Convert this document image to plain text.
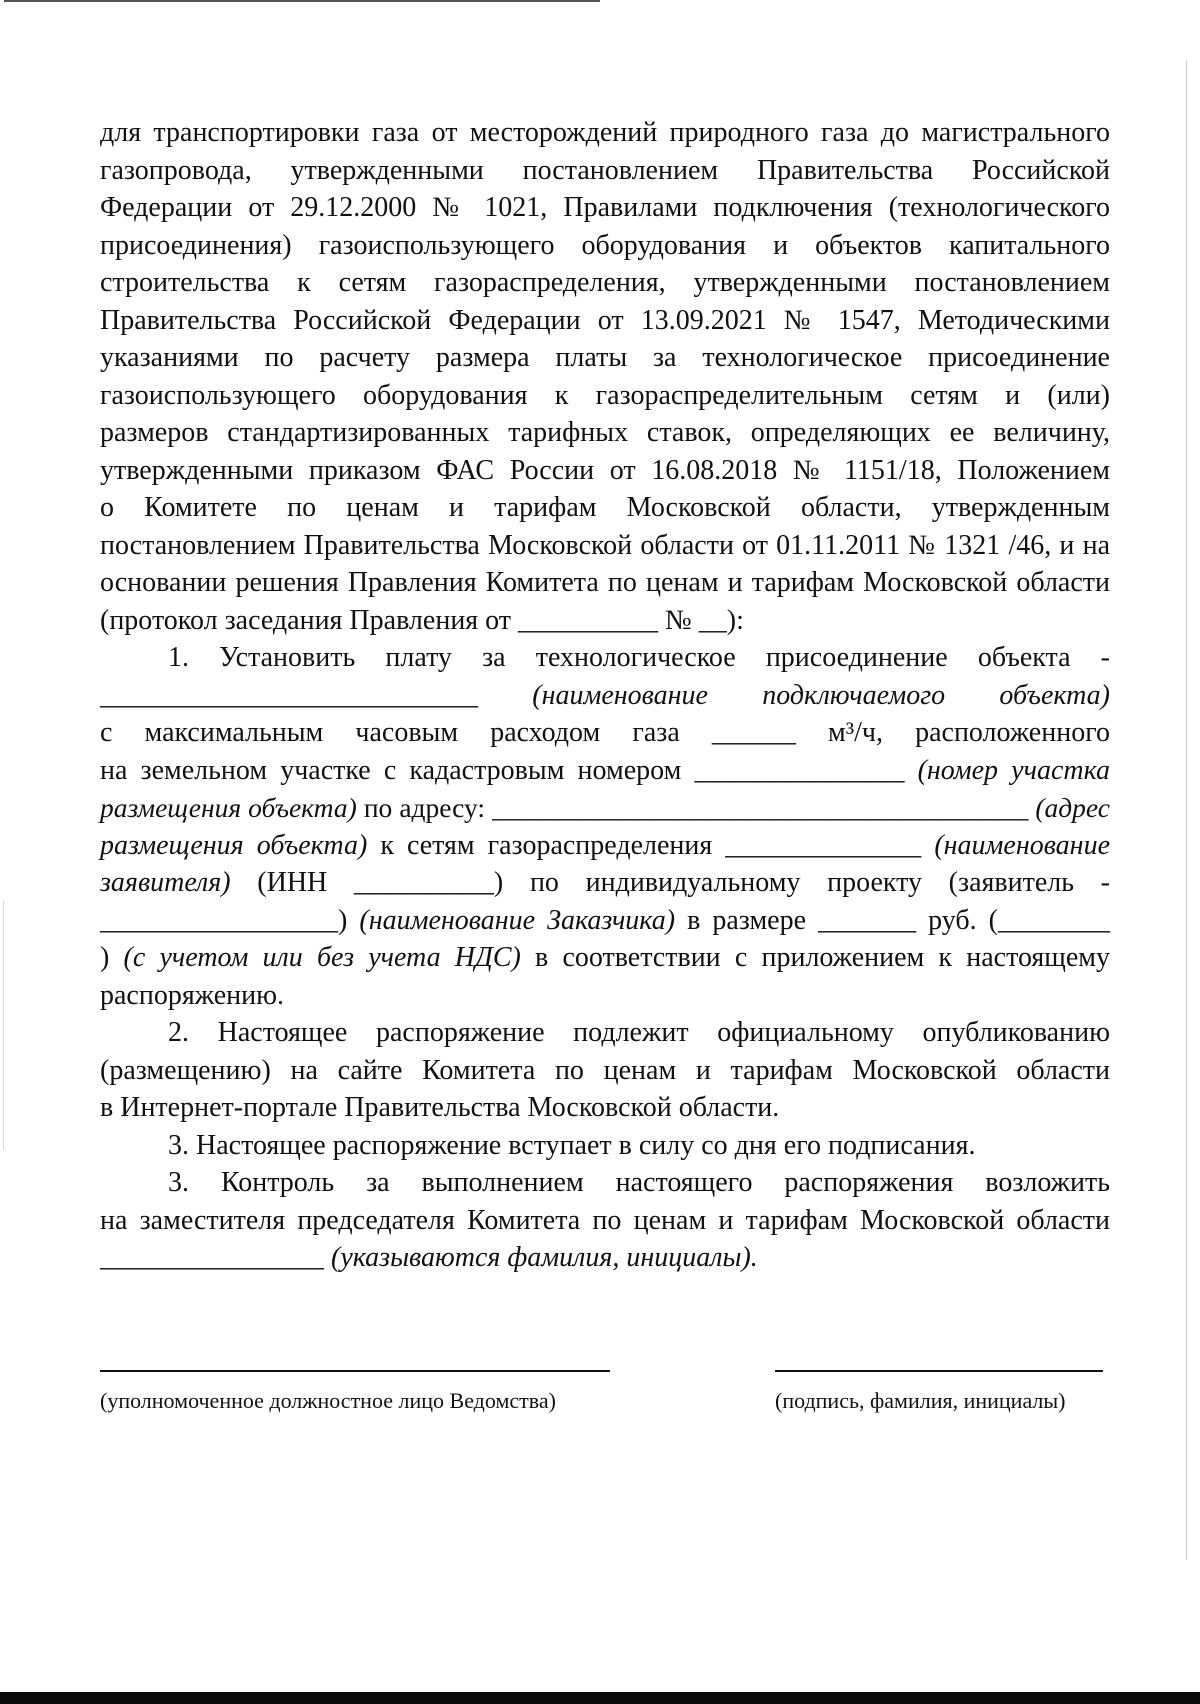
для транспортировки газа от месторождений природного газа до магистрального
газопровода, утвержденными постановлением Правительства Российской
Федерации от 29.12.2000 № 1021, Правилами подключения (технологического
присоединения) газоиспользующего оборудования и объектов капитального
строительства к сетям газораспределения, утвержденными постановлением
Правительства Российской Федерации от 13.09.2021 № 1547, Методическими
указаниями по расчету размера платы за технологическое присоединение
газоиспользующего оборудования к газораспределительным сетям и (или)
размеров стандартизированных тарифных ставок, определяющих ее величину,
утвержденными приказом ФАС России от 16.08.2018 № 1151/18, Положением
о Комитете по ценам и тарифам Московской области, утвержденным
постановлением Правительства Московской области от 01.11.2011 № 1321 /46, и на
основании решения Правления Комитета по ценам и тарифам Московской области
(протокол заседания Правления от __________ № __):
1. Установить плату за технологическое присоединение объекта -
___________________________ (наименование подключаемого объекта)
с максимальным часовым расходом газа ______ м³/ч, расположенного
на земельном участке с кадастровым номером _______________ (номер участка
размещения объекта) по адресу: _______________________________________ (адрес
размещения объекта) к сетям газораспределения ______________ (наименование
заявителя) (ИНН __________) по индивидуальному проекту (заявитель -
_________________) (наименование Заказчика) в размере _______ руб. (________
) (с учетом или без учета НДС) в соответствии с приложением к настоящему
распоряжению.
2. Настоящее распоряжение подлежит официальному опубликованию
(размещению) на сайте Комитета по ценам и тарифам Московской области
в Интернет-портале Правительства Московской области.
3. Настоящее распоряжение вступает в силу со дня его подписания.
3. Контроль за выполнением настоящего распоряжения возложить
на заместителя председателя Комитета по ценам и тарифам Московской области
________________ (указываются фамилия, инициалы).
(уполномоченное должностное лицо Ведомства)	(подпись, фамилия, инициалы)
